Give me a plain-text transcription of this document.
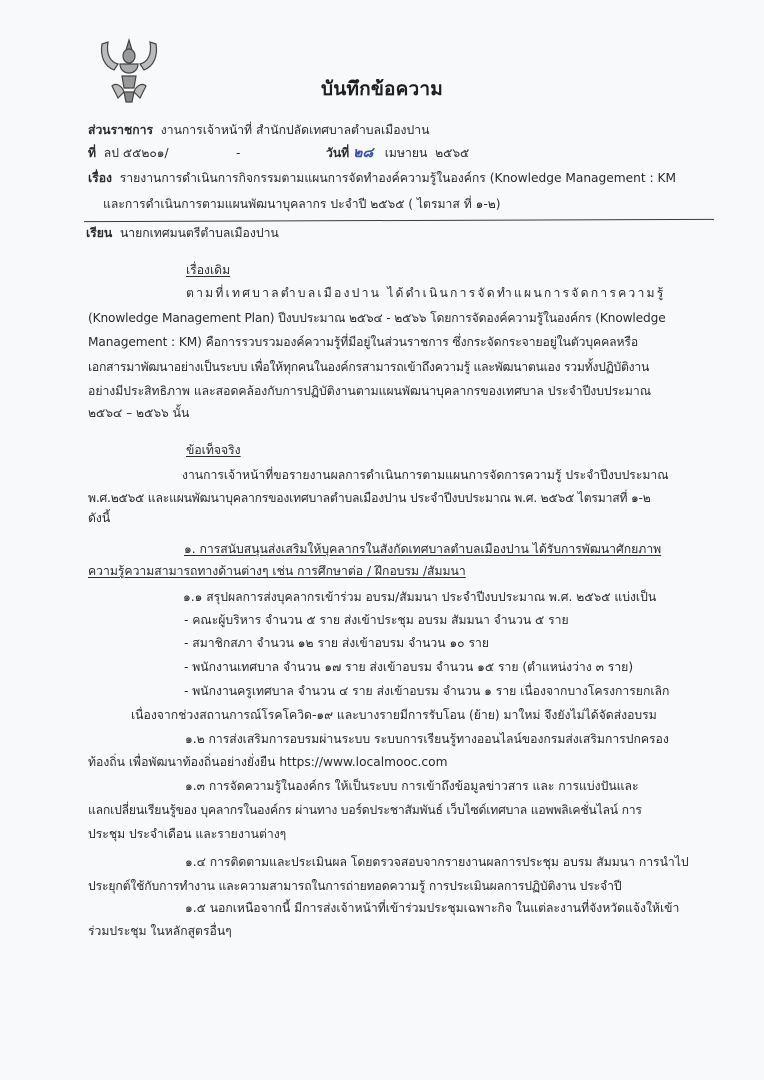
บันทึกข้อความ
ส่วนราชการ งานการเจ้าหน้าที่ สำนักปลัดเทศบาลตำบลเมืองปาน
ที่ ลป ๕๕๒๐๑/	-	วันที่ ๒๘ เมษายน ๒๕๖๕
เรื่อง รายงานการดำเนินการกิจกรรมตามแผนการจัดทำองค์ความรู้ในองค์กร (Knowledge Management : KM
และการดำเนินการตามแผนพัฒนาบุคลากร ปะจำปี ๒๕๖๕ ( ไตรมาส ที่ ๑-๒)
เรียน นายกเทศมนตรีตำบลเมืองปาน
เรื่องเดิม
ตามที่เทศบาลตำบลเมืองปาน ได้ดำเนินการจัดทำแผนการจัดการความรู้
(Knowledge Management Plan) ปีงบประมาณ ๒๕๖๔ - ๒๕๖๖ โดยการจัดองค์ความรู้ในองค์กร (Knowledge
Management : KM) คือการรวบรวมองค์ความรู้ที่มีอยู่ในส่วนราชการ ซึ่งกระจัดกระจายอยู่ในตัวบุคคลหรือ
เอกสารมาพัฒนาอย่างเป็นระบบ เพื่อให้ทุกคนในองค์กรสามารถเข้าถึงความรู้ และพัฒนาตนเอง รวมทั้งปฏิบัติงาน
อย่างมีประสิทธิภาพ และสอดคล้องกับการปฏิบัติงานตามแผนพัฒนาบุคลากรของเทศบาล ประจำปีงบประมาณ
๒๕๖๔ – ๒๕๖๖ นั้น
ข้อเท็จจริง
งานการเจ้าหน้าที่ขอรายงานผลการดำเนินการตามแผนการจัดการความรู้ ประจำปีงบประมาณ
พ.ศ.๒๕๖๕ และแผนพัฒนาบุคลากรของเทศบาลตำบลเมืองปาน ประจำปีงบประมาณ พ.ศ. ๒๕๖๕ ไตรมาสที่ ๑-๒
ดังนี้
๑. การสนับสนุนส่งเสริมให้บุคลากรในสังกัดเทศบาลตำบลเมืองปาน ได้รับการพัฒนาศักยภาพ
ความรู้ความสามารถทางด้านต่างๆ เช่น การศึกษาต่อ / ฝึกอบรม /สัมมนา
๑.๑ สรุปผลการส่งบุคลากรเข้าร่วม อบรม/สัมมนา ประจำปีงบประมาณ พ.ศ. ๒๕๖๕ แบ่งเป็น
- คณะผู้บริหาร จำนวน ๕ ราย ส่งเข้าประชุม อบรม สัมมนา จำนวน ๕ ราย
- สมาชิกสภา จำนวน ๑๒ ราย ส่งเข้าอบรม จำนวน ๑๐ ราย
- พนักงานเทศบาล จำนวน ๑๗ ราย ส่งเข้าอบรม จำนวน ๑๕ ราย (ตำแหน่งว่าง ๓ ราย)
- พนักงานครูเทศบาล จำนวน ๔ ราย ส่งเข้าอบรม จำนวน ๑ ราย เนื่องจากบางโครงการยกเลิก
เนื่องจากช่วงสถานการณ์โรคโควิด-๑๙ และบางรายมีการรับโอน (ย้าย) มาใหม่ จึงยังไม่ได้จัดส่งอบรม
๑.๒ การส่งเสริมการอบรมผ่านระบบ ระบบการเรียนรู้ทางออนไลน์ของกรมส่งเสริมการปกครอง
ท้องถิ่น เพื่อพัฒนาท้องถิ่นอย่างยั่งยืน https://www.localmooc.com
๑.๓ การจัดความรู้ในองค์กร ให้เป็นระบบ การเข้าถึงข้อมูลข่าวสาร และ การแบ่งปันและ
แลกเปลี่ยนเรียนรู้ของ บุคลากรในองค์กร ผ่านทาง บอร์ดประชาสัมพันธ์ เว็บไซด์เทศบาล แอพพลิเคชั่นไลน์ การ
ประชุม ประจำเดือน และรายงานต่างๆ
๑.๔ การติดตามและประเมินผล โดยตรวจสอบจากรายงานผลการประชุม อบรม สัมมนา การนำไป
ประยุกต์ใช้กับการทำงาน และความสามารถในการถ่ายทอดความรู้ การประเมินผลการปฏิบัติงาน ประจำปี
๑.๕ นอกเหนือจากนี้ มีการส่งเจ้าหน้าที่เข้าร่วมประชุมเฉพาะกิจ ในแต่ละงานที่จังหวัดแจ้งให้เข้า
ร่วมประชุม ในหลักสูตรอื่นๆ
